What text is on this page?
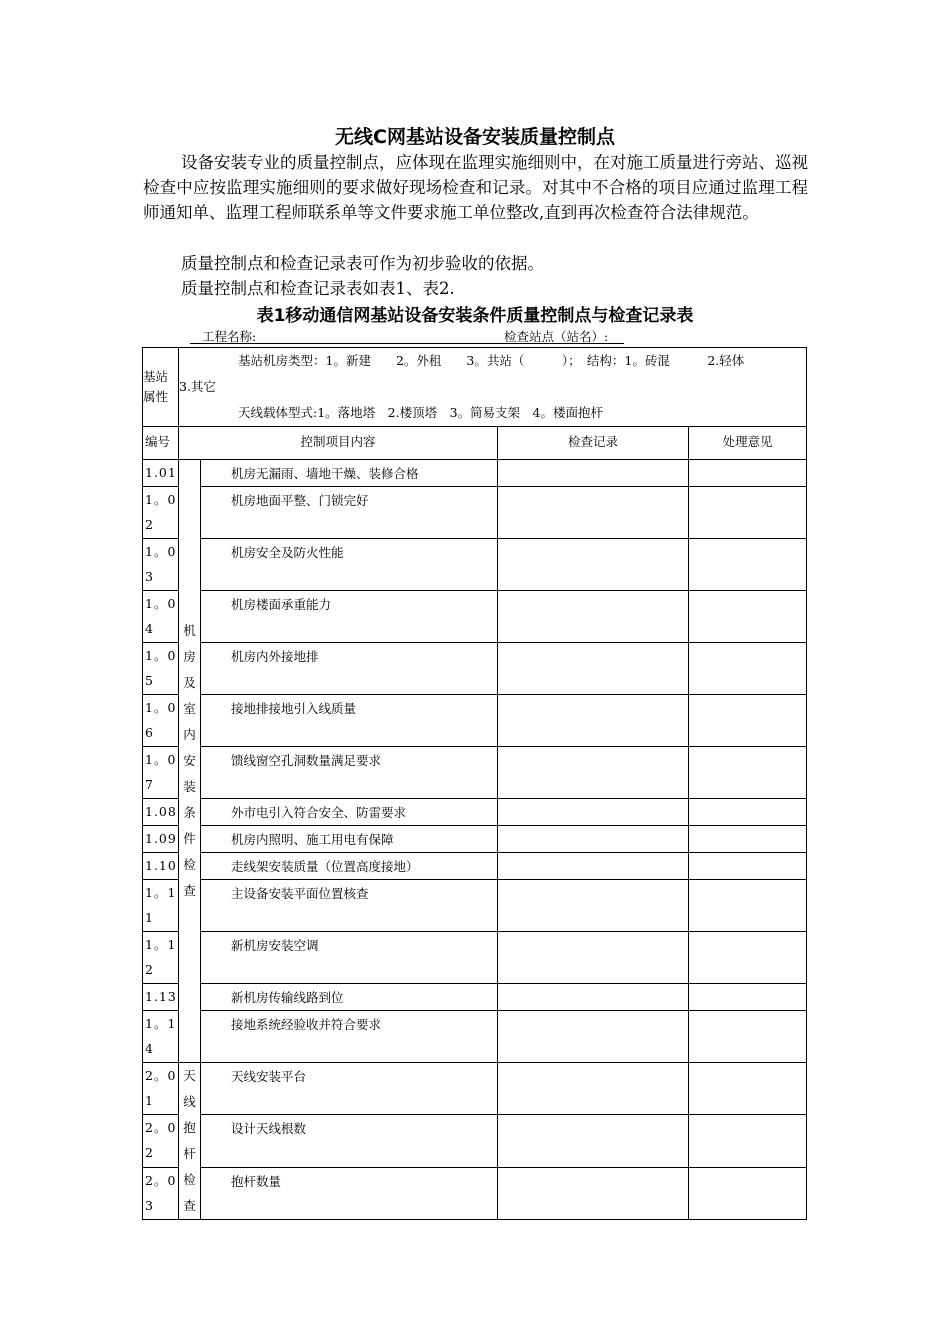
无线C网基站设备安装质量控制点
设备安装专业的质量控制点，应体现在监理实施细则中，在对施工质量进行旁站、巡视检查中应按监理实施细则的要求做好现场检查和记录。对其中不合格的项目应通过监理工程师通知单、监理工程师联系单等文件要求施工单位整改,直到再次检查符合法律规范。
质量控制点和检查记录表可作为初步验收的依据。
质量控制点和检查记录表如表1、表2.
表1移动通信网基站设备安装条件质量控制点与检查记录表
工程名称:	检查站点（站名）:
基站属性	基站机房类型：1。新建　　2。外租　　3。共站（　　　）；　结构：1。砖混　　　2.轻体
3.其它
天线载体型式:1。落地塔　2.楼顶塔　3。简易支架　4。楼面抱杆			

编号	控制项目内容		检查记录	处理意见
1.01	机房及室内安装条件检查	机房无漏雨、墙地干燥、装修合格		
1。02		机房地面平整、门锁完好		
1。03		机房安全及防火性能		
1。04		机房楼面承重能力		
1。05		机房内外接地排		
1。06		接地排接地引入线质量		
1。07		馈线窗空孔洞数量满足要求		
1.08		外市电引入符合安全、防雷要求		
1.09		机房内照明、施工用电有保障		
1.10		走线架安装质量（位置高度接地）		
1。11		主设备安装平面位置核查		
1。12		新机房安装空调		
1.13		新机房传输线路到位		
1。14		接地系统经验收并符合要求		
2。01	天线抱杆检查	天线安装平台		
2。02		设计天线根数		
2。03		抱杆数量		
